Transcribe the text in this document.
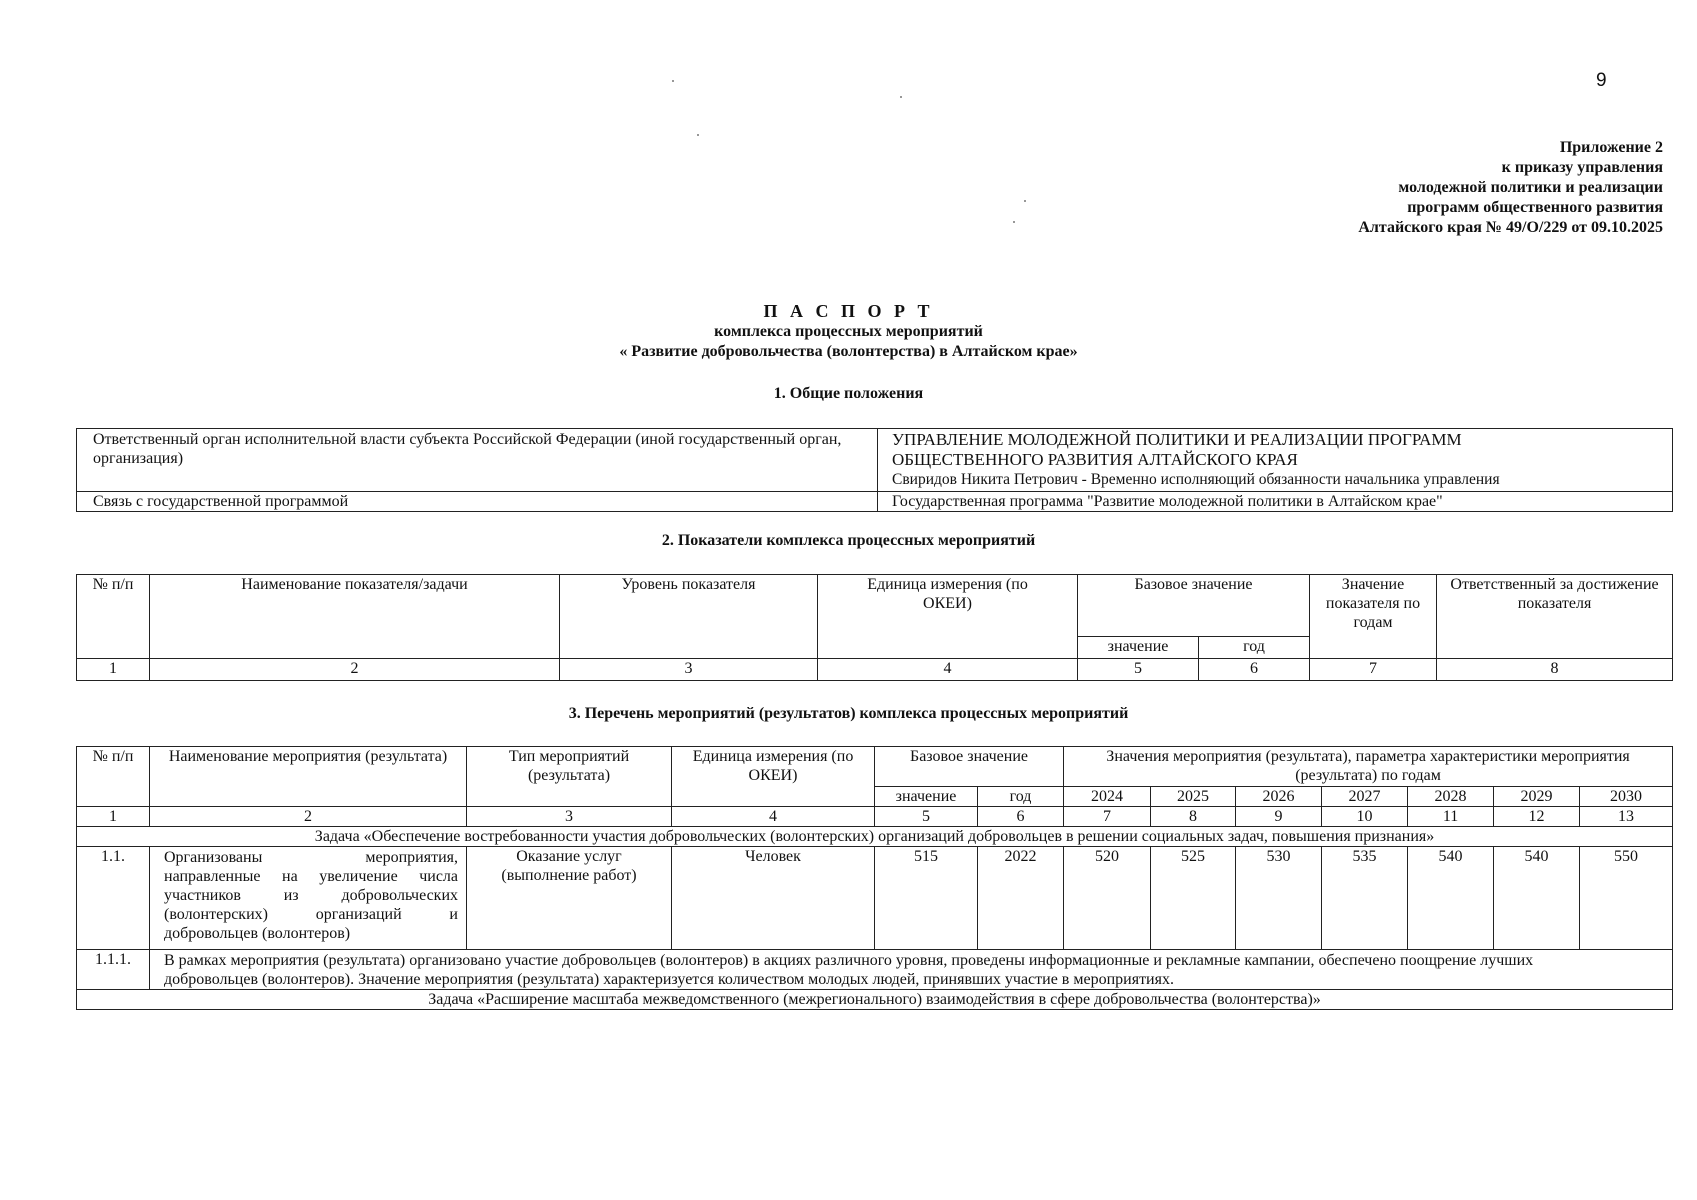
9
Приложение 2
к приказу управления
молодежной политики и реализации
программ общественного развития
Алтайского края № 49/О/229 от 09.10.2025
П А С П О Р Т
комплекса процессных мероприятий
« Развитие добровольчества (волонтерства) в Алтайском крае»
1. Общие положения
Ответственный орган исполнительной власти субъекта Российской Федерации (иной государственный орган, организация)	УПРАВЛЕНИЕ МОЛОДЕЖНОЙ ПОЛИТИКИ И РЕАЛИЗАЦИИ ПРОГРАММ
ОБЩЕСТВЕННОГО РАЗВИТИЯ АЛТАЙСКОГО КРАЯ
Свиридов Никита Петрович - Временно исполняющий обязанности начальника управления

Связь с государственной программой	Государственная программа "Развитие молодежной политики в Алтайском крае"
2. Показатели комплекса процессных мероприятий
№ п/п	Наименование показателя/задачи	Уровень показателя	Единица измерения (по ОКЕИ)	Базовое значение		Значение показателя по годам	Ответственный за достижение показателя
				значение	год		
1	2	3	4	5	6	7	8
3. Перечень мероприятий (результатов) комплекса процессных мероприятий
№ п/п	Наименование мероприятия (результата)	Тип мероприятий (результата)	Единица измерения (по ОКЕИ)	Базовое значение		Значения мероприятия (результата), параметра характеристики мероприятия (результата) по годам						
				значение	год	2024	2025	2026	2027	2028	2029	2030
1	2	3	4	5	6	7	8	9	10	11	12	13
Задача «Обеспечение востребованности участия добровольческих (волонтерских) организаций добровольцев в решении социальных задач, повышения признания»												
1.1.	Организованы мероприятия, направленные на увеличение числа участников из добровольческих (волонтерских) организаций и добровольцев (волонтеров)	Оказание услуг (выполнение работ)	Человек	515	2022	520	525	530	535	540	540	550
1.1.1.	В рамках мероприятия (результата) организовано участие добровольцев (волонтеров) в акциях различного уровня, проведены информационные и рекламные кампании, обеспечено поощрение лучших добровольцев (волонтеров). Значение мероприятия (результата) характеризуется количеством молодых людей, принявших участие в мероприятиях.											
Задача «Расширение масштаба межведомственного (межрегионального) взаимодействия в сфере добровольчества (волонтерства)»												
